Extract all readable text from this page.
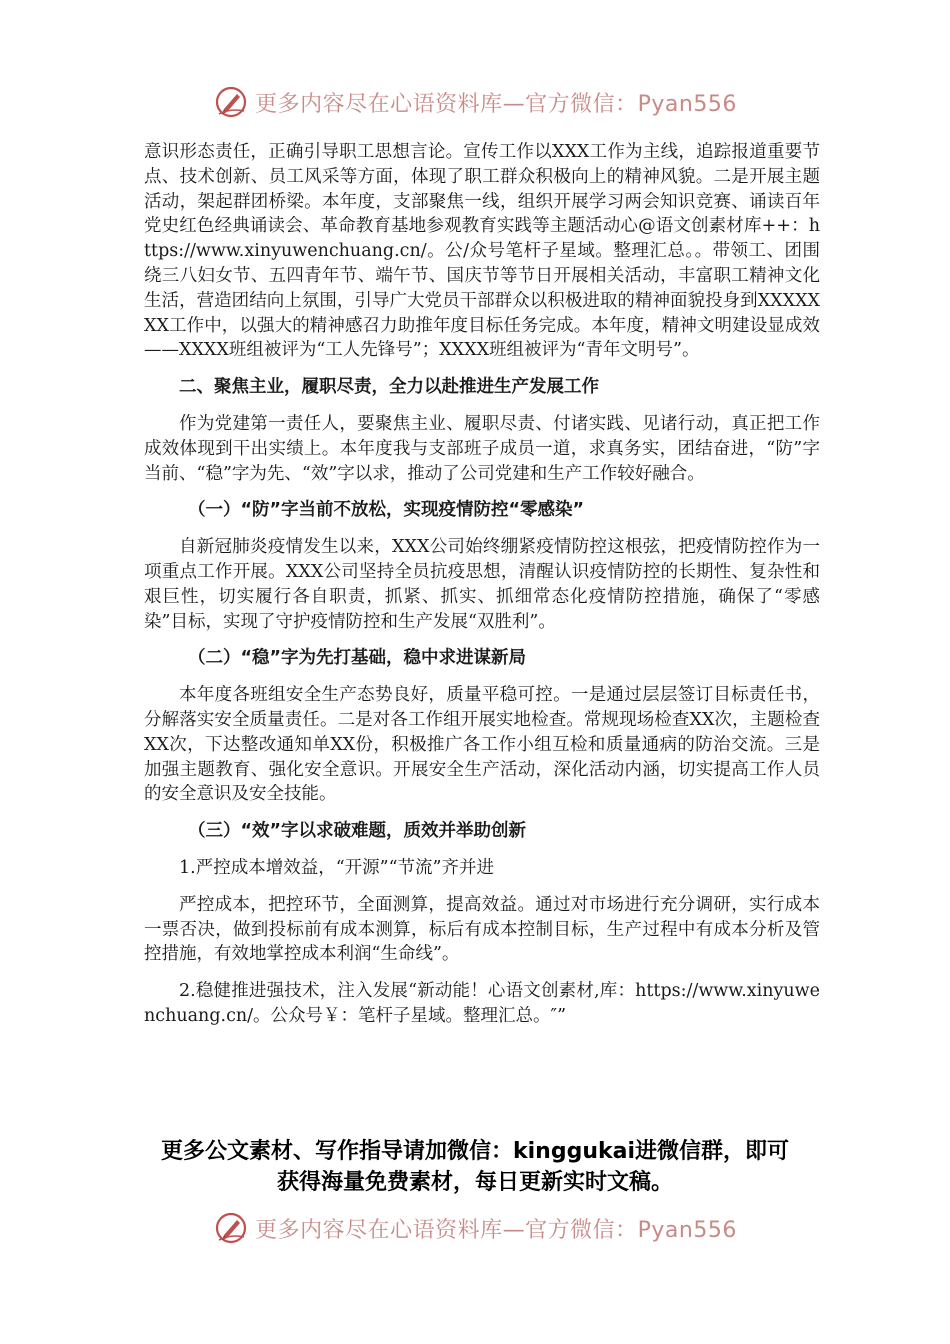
更多内容尽在心语资料库—官方微信：Pyan556

意识形态责任，正确引导职工思想言论。宣传工作以XXX工作为主线，追踪报道重要节点、技术创新、员工风采等方面，体现了职工群众积极向上的精神风貌。二是开展主题活动，架起群团桥梁。本年度，支部聚焦一线，组织开展学习两会知识竞赛、诵读百年党史红色经典诵读会、革命教育基地参观教育实践等主题活动心@语文创素材库++：https://www.xinyuwenchuang.cn/。公/众号笔杆子星域。整理汇总。。带领工、团围绕三八妇女节、五四青年节、端午节、国庆节等节日开展相关活动，丰富职工精神文化生活，营造团结向上氛围，引导广大党员干部群众以积极进取的精神面貌投身到XXXXXXX工作中，以强大的精神感召力助推年度目标任务完成。本年度，精神文明建设显成效——XXXX班组被评为“工人先锋号”；XXXX班组被评为“青年文明号”。

二、聚焦主业，履职尽责，全力以赴推进生产发展工作

作为党建第一责任人，要聚焦主业、履职尽责、付诸实践、见诸行动，真正把工作成效体现到干出实绩上。本年度我与支部班子成员一道，求真务实，团结奋进，“防”字当前、“稳”字为先、“效”字以求，推动了公司党建和生产工作较好融合。

（一）“防”字当前不放松，实现疫情防控“零感染”

自新冠肺炎疫情发生以来，XXX公司始终绷紧疫情防控这根弦，把疫情防控作为一项重点工作开展。XXX公司坚持全员抗疫思想，清醒认识疫情防控的长期性、复杂性和艰巨性，切实履行各自职责，抓紧、抓实、抓细常态化疫情防控措施，确保了“零感染”目标，实现了守护疫情防控和生产发展“双胜利”。

（二）“稳”字为先打基础，稳中求进谋新局

本年度各班组安全生产态势良好，质量平稳可控。一是通过层层签订目标责任书，分解落实安全质量责任。二是对各工作组开展实地检查。常规现场检查XX次，主题检查XX次，下达整改通知单XX份，积极推广各工作小组互检和质量通病的防治交流。三是加强主题教育、强化安全意识。开展安全生产活动，深化活动内涵，切实提高工作人员的安全意识及安全技能。

（三）“效”字以求破难题，质效并举助创新

1.严控成本增效益，“开源”“节流”齐并进

严控成本，把控环节，全面测算，提高效益。通过对市场进行充分调研，实行成本一票否决，做到投标前有成本测算，标后有成本控制目标，生产过程中有成本分析及管控措施，有效地掌控成本利润“生命线”。

2.稳健推进强技术，注入发展“新动能！心语文创素材,库：https://www.xinyuwenchuang.cn/。公众号￥：笔杆子星域。整理汇总。″”

更多公文素材、写作指导请加微信：kinggukai进微信群，即可
获得海量免费素材，每日更新实时文稿。
更多内容尽在心语资料库—官方微信：Pyan556
